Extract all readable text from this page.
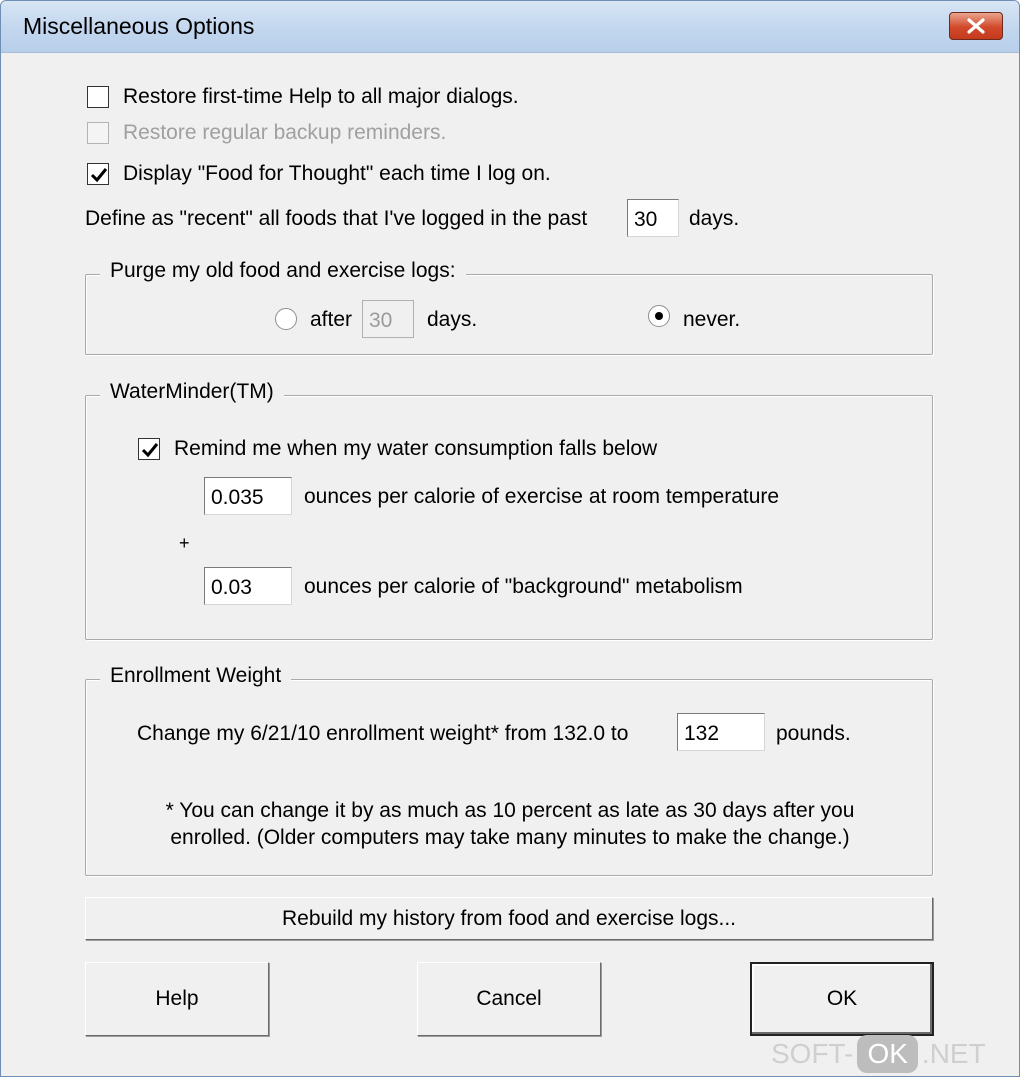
Miscellaneous Options
Restore first-time Help to all major dialogs.
Restore regular backup reminders.
Display "Food for Thought" each time I log on.
Define as "recent" all foods that I've logged in the past
30	days.
Purge my old food and exercise logs:
after
30	days.	never.
WaterMinder(TM)
Remind me when my water consumption falls below
0.035
ounces per calorie of exercise at room temperature
+
0.03
ounces per calorie of "background" metabolism
Enrollment Weight
Change my 6/21/10 enrollment weight* from 132.0 to
132	pounds.
* You can change it by as much as 10 percent as late as 30 days after you
enrolled. (Older computers may take many minutes to make the change.)
Rebuild my history from food and exercise logs...
Help	Cancel	OK
SOFT- OK .NET
